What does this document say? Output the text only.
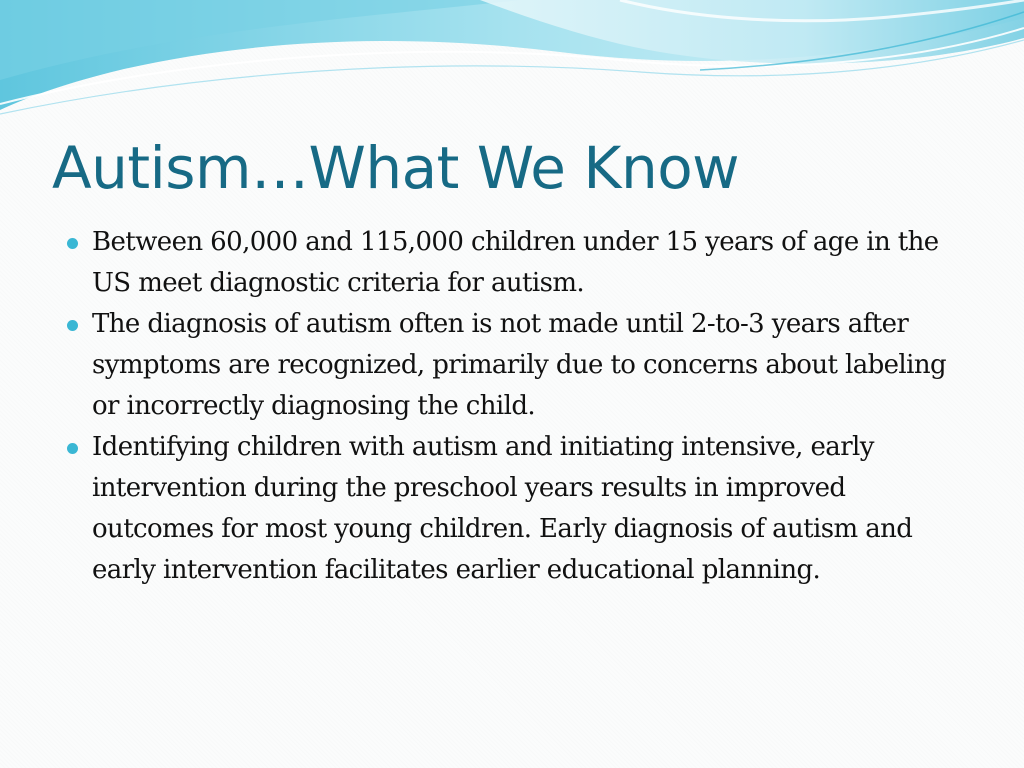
Autism…What We Know
Between 60,000 and 115,000 children under 15 years of age in the US meet diagnostic criteria for autism.
The diagnosis of autism often is not made until 2-to-3 years after symptoms are recognized, primarily due to concerns about labeling or incorrectly diagnosing the child.
Identifying children with autism and initiating intensive, early intervention during the preschool years results in improved outcomes for most young children. Early diagnosis of autism and early intervention facilitates earlier educational planning.
